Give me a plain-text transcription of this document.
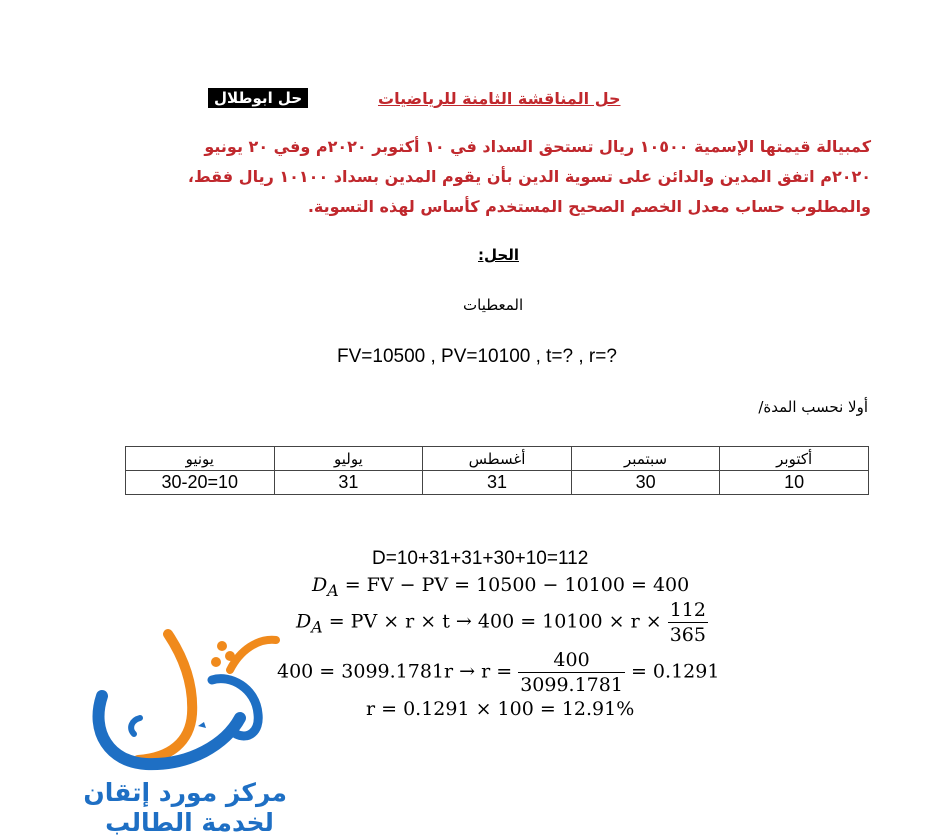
حل ابوطلال	حل المناقشة الثامنة للرياضيات
كمبيالة قيمتها الإسمية ١٠٥٠٠ ريال تستحق السداد في ١٠ أكتوبر ٢٠٢٠م وفي ٢٠ يونيو
٢٠٢٠م اتفق المدين والدائن على تسوية الدين بأن يقوم المدين بسداد ١٠١٠٠ ريال فقط،
والمطلوب حساب معدل الخصم الصحيح المستخدم كأساس لهذه التسوية.
الحل:
المعطيات
FV=10500 , PV=10100 , t=? , r=?
أولا نحسب المدة/
يونيو	يوليو	أغسطس	سبتمبر	أكتوبر
30-20=10	31	31	30	10
D=10+31+31+30+10=112
$D_A$ = FV − PV = 10500 − 10100 = 400
$D_A$ = PV × $r \times t \to 400 = 10100 \times r \times \frac{112}{365}$
$400 = 3099.1781r \to r = \frac{400}{3099.1781} = 0.1291$
r = 0.1291 × 100 = 12.91%
مركز مورد إتقان
لخدمة الطالب
